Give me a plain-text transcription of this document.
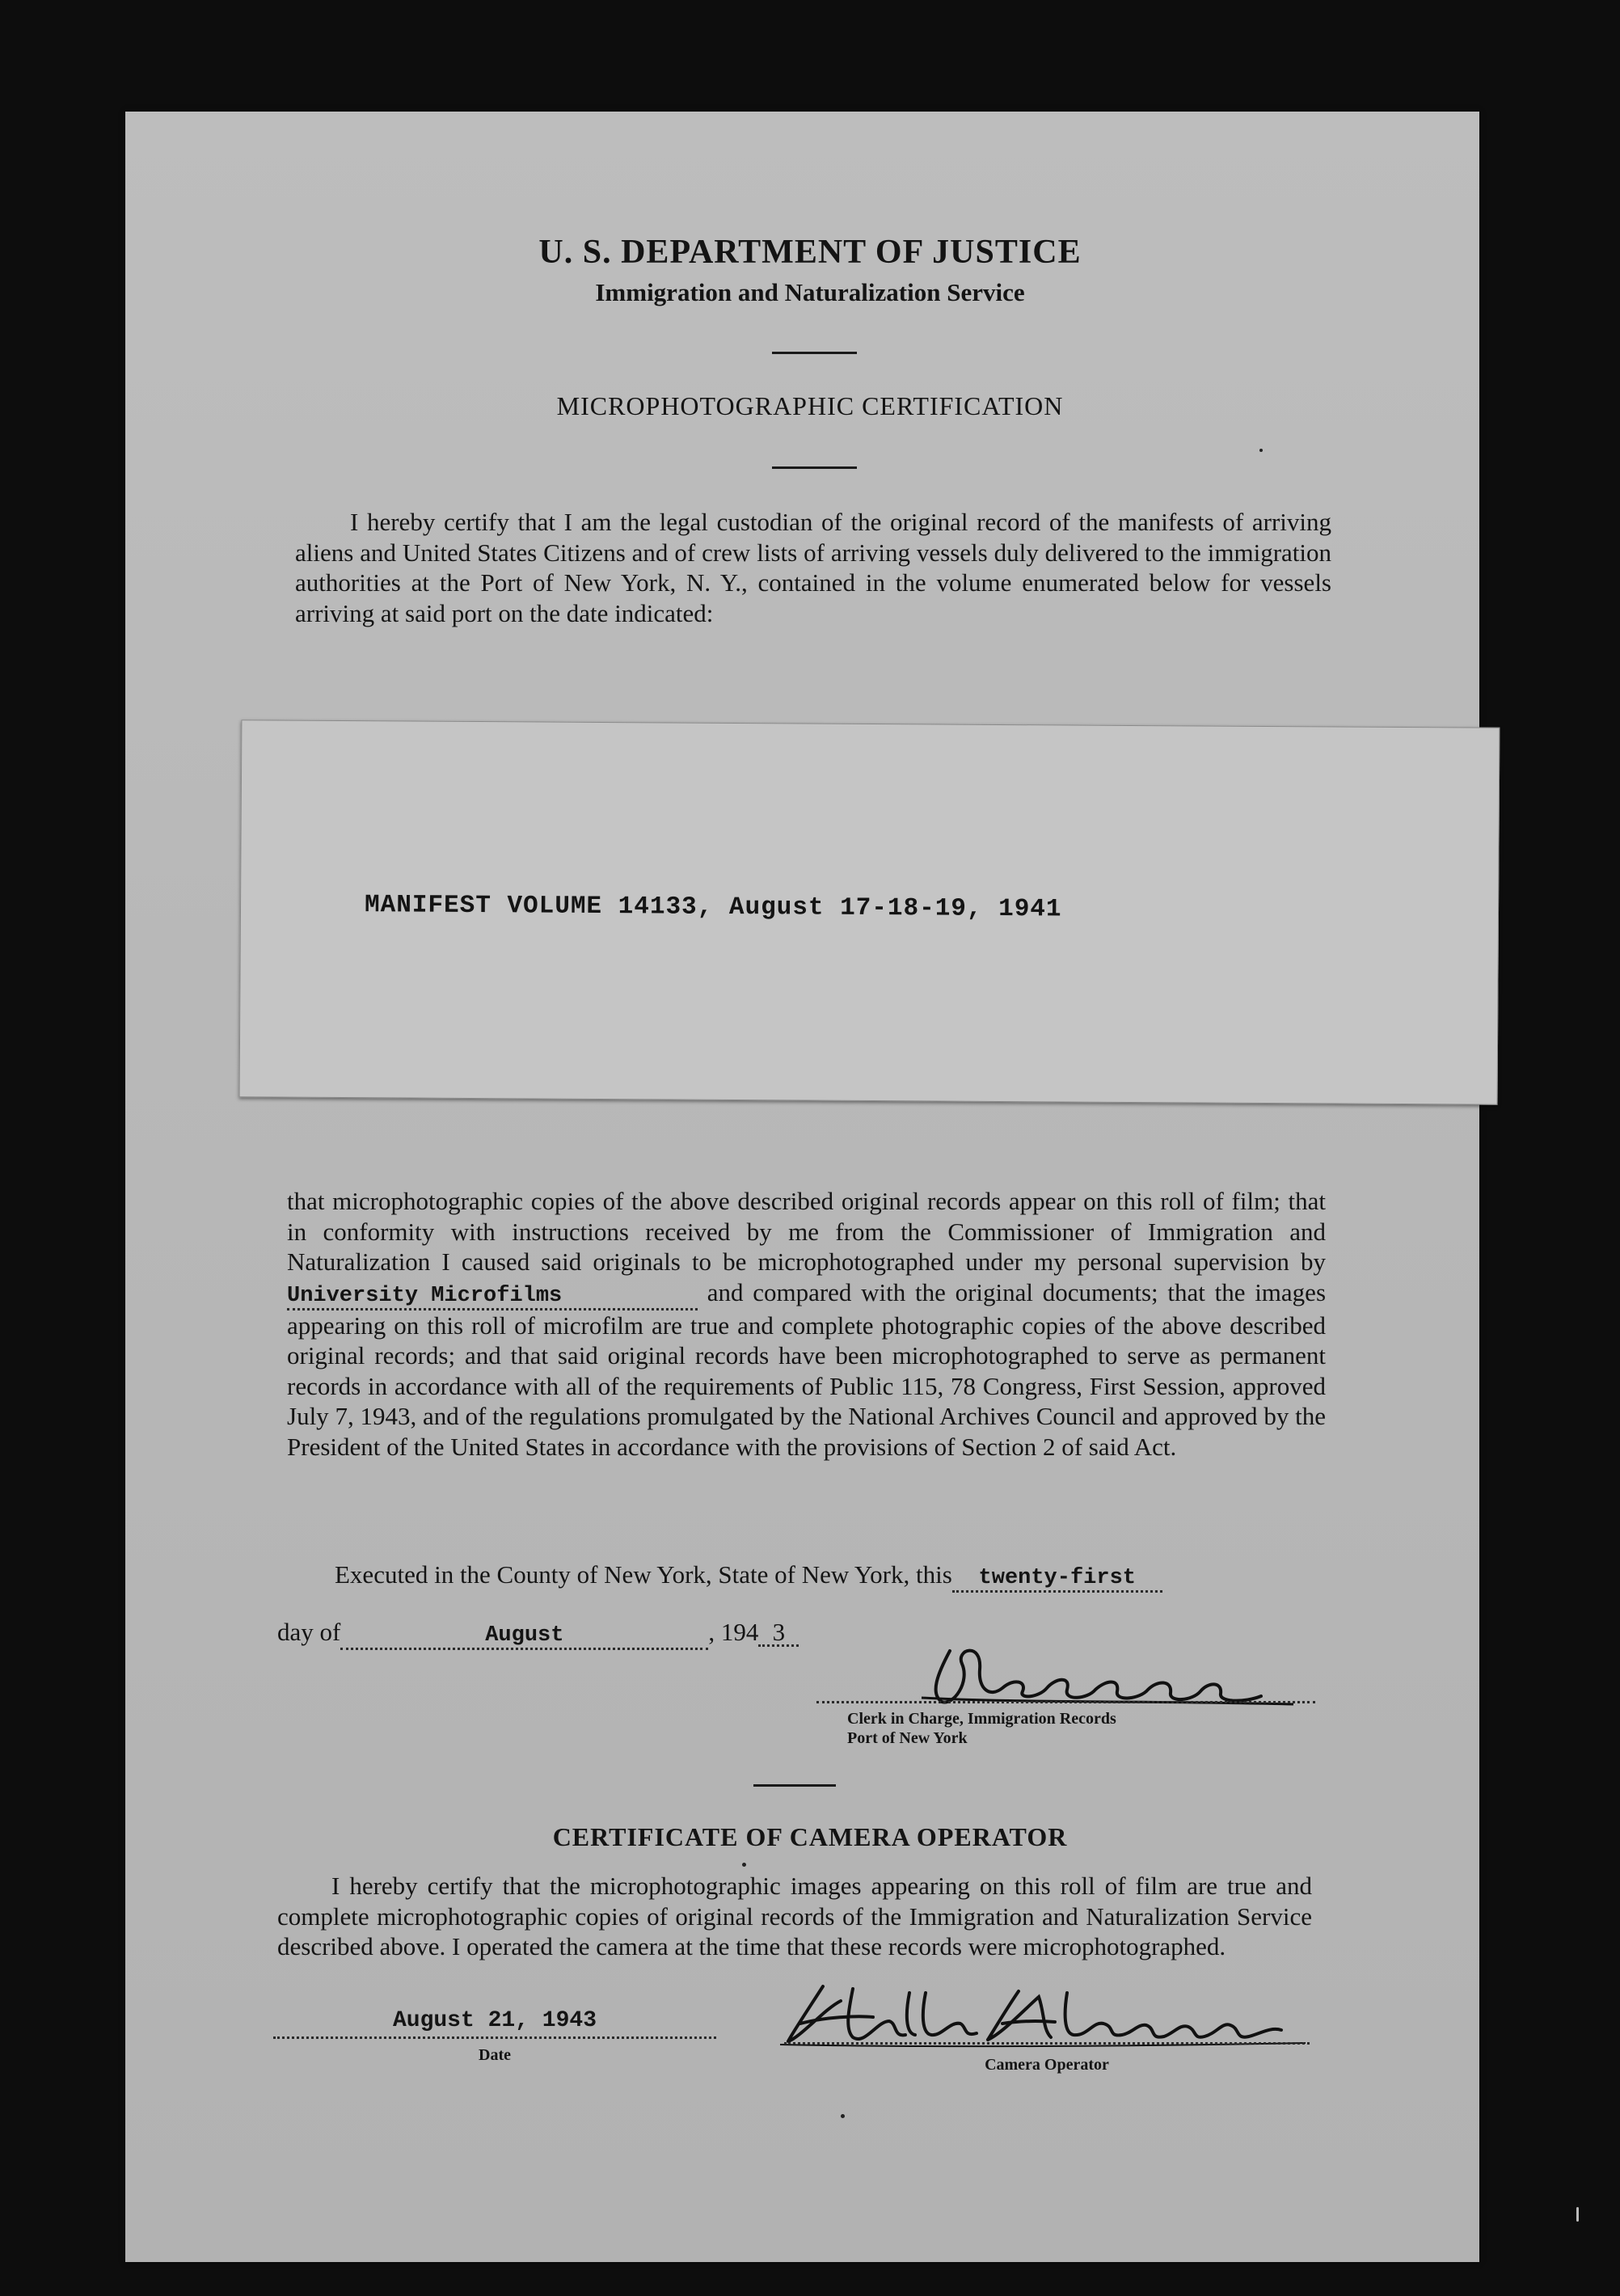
U. S. DEPARTMENT OF JUSTICE
Immigration and Naturalization Service
MICROPHOTOGRAPHIC CERTIFICATION

I hereby certify that I am the legal custodian of the original record of the manifests of arriving aliens and United States Citizens and of crew lists of arriving vessels duly delivered to the immigration authorities at the Port of New York, N. Y., contained in the volume enumerated below for vessels arriving at said port on the date indicated:

MANIFEST VOLUME 14133, August 17-18-19, 1941

that microphotographic copies of the above described original records appear on this roll of film; that in conformity with instructions received by me from the Commissioner of Immigration and Naturalization I caused said originals to be microphotographed under my personal supervision by University Microfilms	and compared with the original documents; that the images appearing on this roll of microfilm are true and complete photographic copies of the above described original records; and that said original records have been microphotographed to serve as permanent records in accordance with all of the requirements of Public 115, 78 Congress, First Session, approved July 7, 1943, and of the regulations promulgated by the National Archives Council and approved by the President of the United States in accordance with the provisions of Section 2 of said Act.

Executed in the County of New York, State of New York, this twenty-first
day of	August	, 194 3
Clerk in Charge, Immigration Records
Port of New York
CERTIFICATE OF CAMERA OPERATOR

I hereby certify that the microphotographic images appearing on this roll of film are true and complete microphotographic copies of original records of the Immigration and Naturalization Service described above. I operated the camera at the time that these records were microphotographed.

August 21, 1943
Date
Camera Operator
